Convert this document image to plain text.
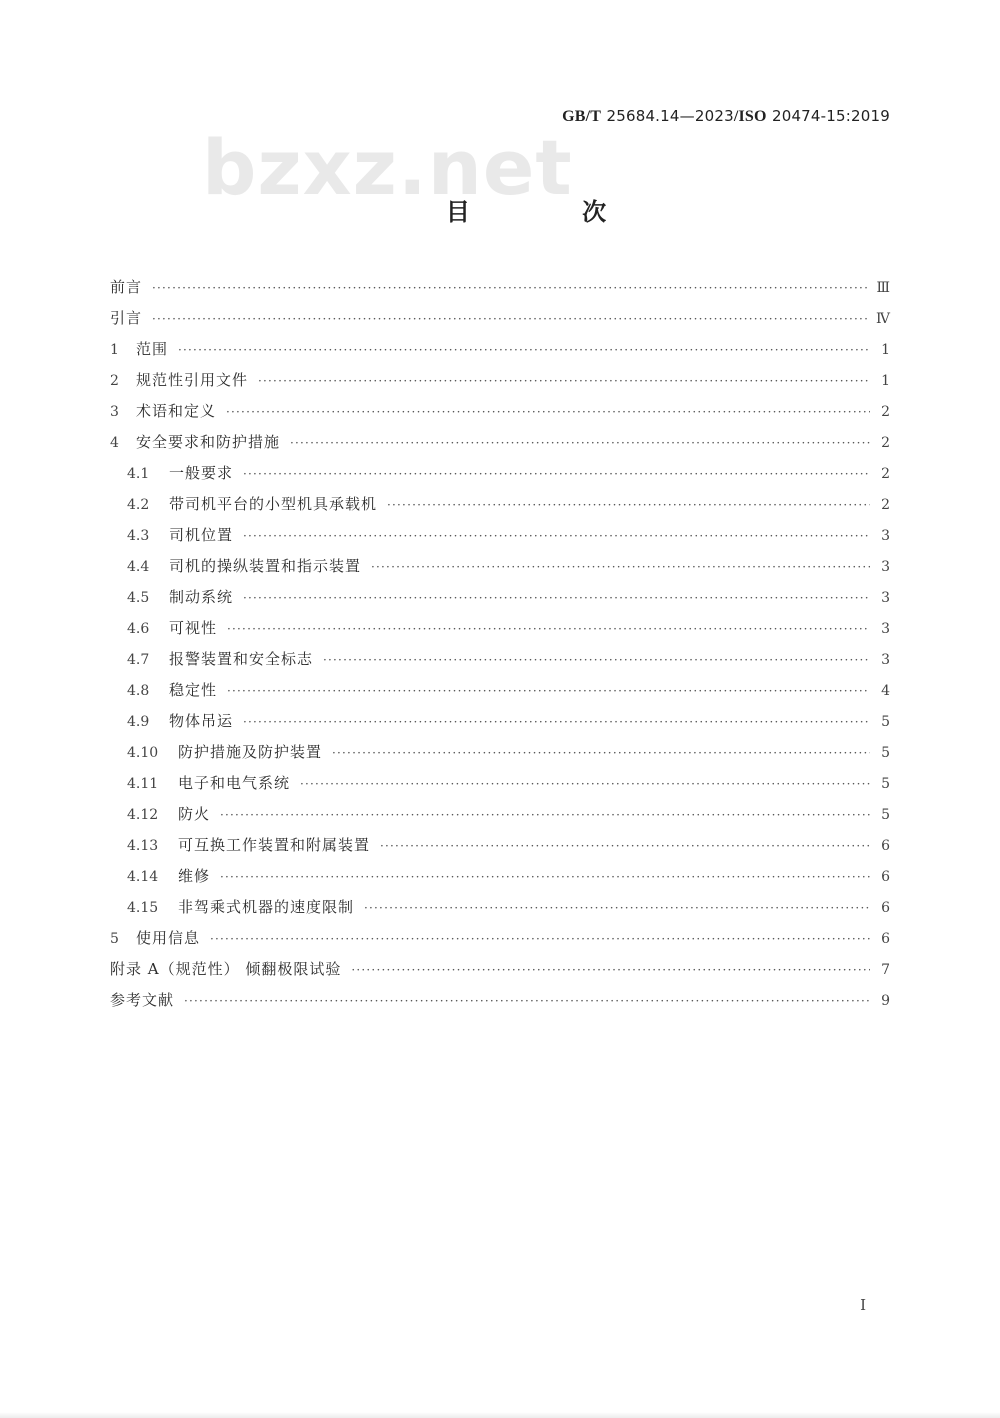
GB/T 25684.14—2023/ISO 20474-15:2019
bzxz.net
目 次
前言 ·····	Ⅲ
引言 ·····	Ⅳ
1	范围 ·····	1
2	规范性引用文件 ·····	1
3	术语和定义 ·····	2
4	安全要求和防护措施 ·····	2
4.1	一般要求 ·····	2
4.2	带司机平台的小型机具承载机 ·····	2
4.3	司机位置 ·····	3
4.4	司机的操纵装置和指示装置 ·····	3
4.5	制动系统 ·····	3
4.6	可视性 ·····	3
4.7	报警装置和安全标志 ·····	3
4.8	稳定性 ·····	4
4.9	物体吊运 ·····	5
4.10	防护措施及防护装置 ·····	5
4.11	电子和电气系统 ·····	5
4.12	防火 ·····	5
4.13	可互换工作装置和附属装置 ·····	6
4.14	维修 ·····	6
4.15	非驾乘式机器的速度限制 ·····	6
5	使用信息 ·····	6
附录 A（规范性） 倾翻极限试验 ·····	7
参考文献 ·····	9
I
